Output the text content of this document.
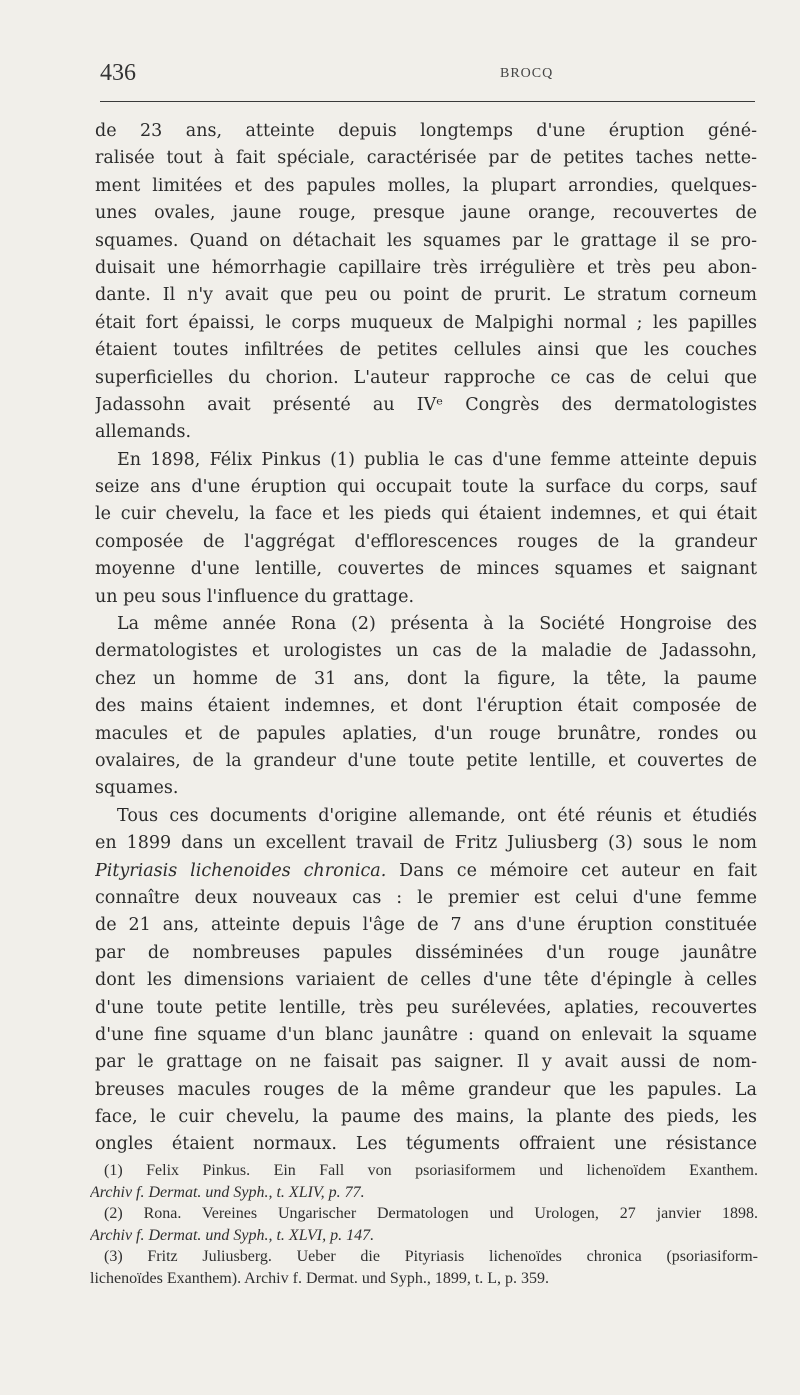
436	BROCQ
de 23 ans, atteinte depuis longtemps d'une éruption géné-
ralisée tout à fait spéciale, caractérisée par de petites taches nette-
ment limitées et des papules molles, la plupart arrondies, quelques-
unes ovales, jaune rouge, presque jaune orange, recouvertes de
squames. Quand on détachait les squames par le grattage il se pro-
duisait une hémorrhagie capillaire très irrégulière et très peu abon-
dante. Il n'y avait que peu ou point de prurit. Le stratum corneum
était fort épaissi, le corps muqueux de Malpighi normal ; les papilles
étaient toutes infiltrées de petites cellules ainsi que les couches
superficielles du chorion. L'auteur rapproche ce cas de celui que
Jadassohn avait présenté au IVᵉ Congrès des dermatologistes
allemands.
En 1898, Félix Pinkus (1) publia le cas d'une femme atteinte depuis
seize ans d'une éruption qui occupait toute la surface du corps, sauf
le cuir chevelu, la face et les pieds qui étaient indemnes, et qui était
composée de l'aggrégat d'efflorescences rouges de la grandeur
moyenne d'une lentille, couvertes de minces squames et saignant
un peu sous l'influence du grattage.
La même année Rona (2) présenta à la Société Hongroise des
dermatologistes et urologistes un cas de la maladie de Jadassohn,
chez un homme de 31 ans, dont la figure, la tête, la paume
des mains étaient indemnes, et dont l'éruption était composée de
macules et de papules aplaties, d'un rouge brunâtre, rondes ou
ovalaires, de la grandeur d'une toute petite lentille, et couvertes de
squames.
Tous ces documents d'origine allemande, ont été réunis et étudiés
en 1899 dans un excellent travail de Fritz Juliusberg (3) sous le nom
Pityriasis lichenoides chronica. Dans ce mémoire cet auteur en fait
connaître deux nouveaux cas : le premier est celui d'une femme
de 21 ans, atteinte depuis l'âge de 7 ans d'une éruption constituée
par de nombreuses papules disséminées d'un rouge jaunâtre
dont les dimensions variaient de celles d'une tête d'épingle à celles
d'une toute petite lentille, très peu surélevées, aplaties, recouvertes
d'une fine squame d'un blanc jaunâtre : quand on enlevait la squame
par le grattage on ne faisait pas saigner. Il y avait aussi de nom-
breuses macules rouges de la même grandeur que les papules. La
face, le cuir chevelu, la paume des mains, la plante des pieds, les
ongles étaient normaux. Les téguments offraient une résistance
(1) Felix Pinkus. Ein Fall von psoriasiformem und lichenoïdem Exanthem.
Archiv f. Dermat. und Syph., t. XLIV, p. 77.
(2) Rona. Vereines Ungarischer Dermatologen und Urologen, 27 janvier 1898.
Archiv f. Dermat. und Syph., t. XLVI, p. 147.
(3) Fritz Juliusberg. Ueber die Pityriasis lichenoïdes chronica (psoriasiform-
lichenoïdes Exanthem). Archiv f. Dermat. und Syph., 1899, t. L, p. 359.
